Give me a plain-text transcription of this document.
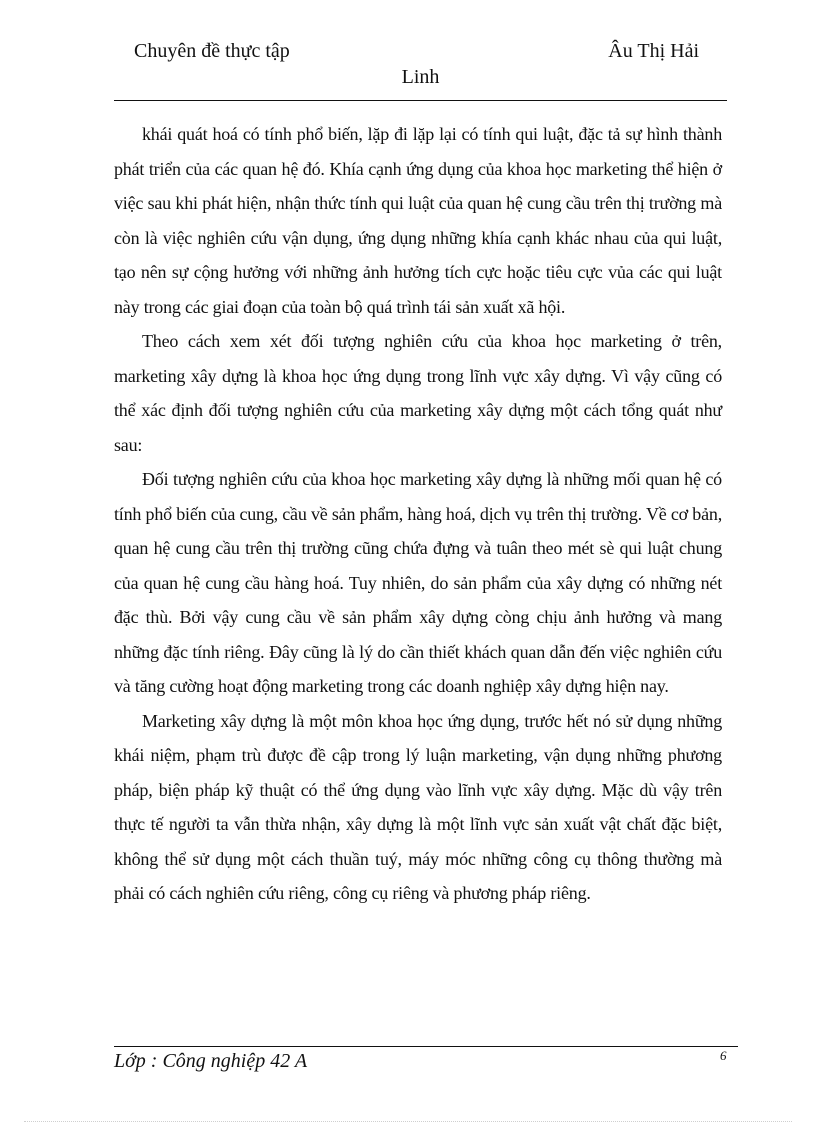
Chuyên đề thực tập	Âu Thị Hải
Linh

khái quát hoá có tính phổ biến, lặp đi lặp lại có tính qui luật, đặc tả sự hình thành phát triển của các quan hệ đó. Khía cạnh ứng dụng của khoa học marketing thể hiện ở việc sau khi phát hiện, nhận thức tính qui luật của quan hệ cung cầu trên thị trường mà còn là việc nghiên cứu vận dụng, ứng dụng những khía cạnh khác nhau của qui luật, tạo nên sự cộng hưởng với những ảnh hưởng tích cực hoặc tiêu cực vủa các qui luật này trong các giai đoạn của toàn bộ quá trình tái sản xuất xã hội.

Theo cách xem xét đối tượng nghiên cứu của khoa học marketing ở trên, marketing xây dựng là khoa học ứng dụng trong lĩnh vực xây dựng. Vì vậy cũng có thể xác định đối tượng nghiên cứu của marketing xây dựng một cách tổng quát như sau:

Đối tượng nghiên cứu của khoa học marketing xây dựng là những mối quan hệ có tính phổ biến của cung, cầu về sản phẩm, hàng hoá, dịch vụ trên thị trường. Về cơ bản, quan hệ cung cầu trên thị trường cũng chứa đựng và tuân theo mét sè qui luật chung của quan hệ cung cầu hàng hoá. Tuy nhiên, do sản phẩm của xây dựng có những nét đặc thù. Bởi vậy cung cầu về sản phẩm xây dựng còng chịu ảnh hưởng và mang những đặc tính riêng. Đây cũng là lý do cần thiết khách quan dẫn đến việc nghiên cứu và tăng cường hoạt động marketing trong các doanh nghiệp xây dựng hiện nay.

Marketing xây dựng là một môn khoa học ứng dụng, trước hết nó sử dụng những khái niệm, phạm trù được đề cập trong lý luận marketing, vận dụng những phương pháp, biện pháp kỹ thuật có thể ứng dụng vào lĩnh vực xây dựng. Mặc dù vậy trên thực tế người ta vẫn thừa nhận, xây dựng là một lĩnh vực sản xuất vật chất đặc biệt, không thể sử dụng một cách thuần tuý, máy móc những công cụ thông thường mà phải có cách nghiên cứu riêng, công cụ riêng và phương pháp riêng.

Lớp : Công nghiệp 42 A	6
